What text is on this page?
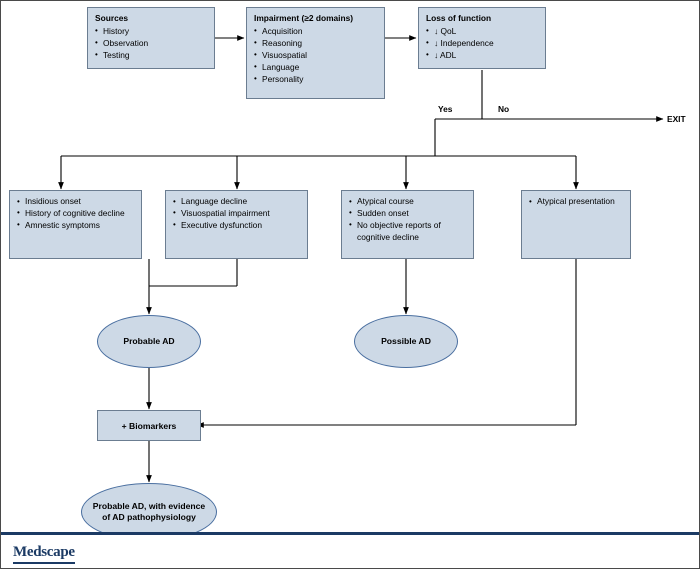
Sources
• History
• Observation
• Testing
Impairment (≥2 domains)
• Acquisition
• Reasoning
• Visuospatial
• Language
• Personality
Loss of function
• ↓ QoL
• ↓ Independence
• ↓ ADL
Yes	No
EXIT
• Insidious onset
• History of cognitive decline
• Amnestic symptoms
• Language decline
• Visuospatial impairment
• Executive dysfunction
• Atypical course
• Sudden onset
• No objective reports of cognitive decline
• Atypical presentation
Probable AD	Possible AD
+ Biomarkers
Probable AD, with evidence of AD pathophysiology
Medscape
